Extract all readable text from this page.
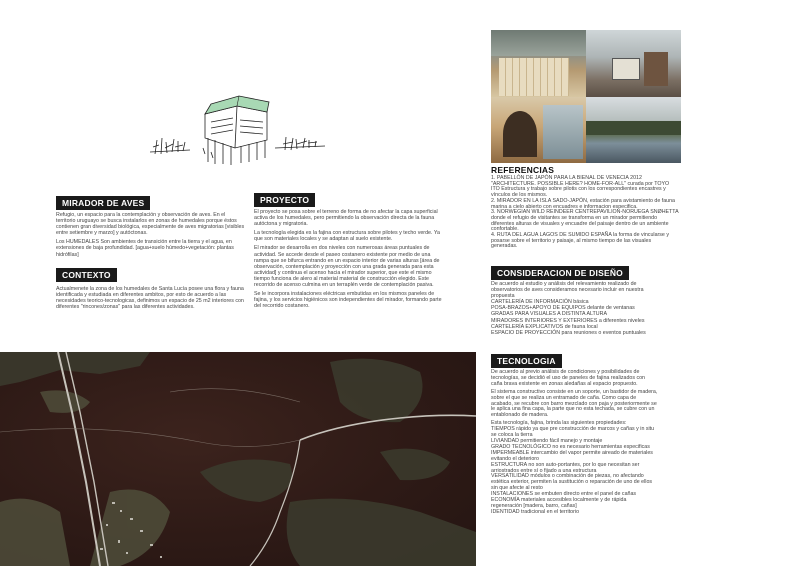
MIRADOR DE AVES

Refugio, un espacio para la contemplación y observación de aves. En el territorio uruguayo se busca instalarlos en zonas de humedales porque éstos contienen gran diversidad biológica, especialmente de aves migratorias [visibles entre setiembre y marzo] y autóctonas.

Los HUMEDALES Son ambientes de transición entre la tierra y el agua, en extensiones de baja profundidad. [agua+suelo húmedo+vegetación: plantas hidrófilas]

CONTEXTO

Actualmenete la zona de los humedales de Santa Lucía posee una flora y fauna identificada y estudiada en diferentes ambitos, por esto de acuerdo a las necesidades teorico-tecnologicas, definimos un espacio de 25 m2 interiores con diferentes "rincones/zonas" para las diferentes actividades.

PROYECTO

El proyecto se posa sobre el terreno de forma de no afectar la capa superficial activa de los humedales, pero permitiendo la observación directa de la fauna autóctona y migratoria.

La tecnología elegida es la fajina con estructura sobre pilotes y techo verde. Ya que son materiales locales y se adaptan al suelo existente.

El mirador se desarrolla en dos niveles con numerosas áreas puntuales de actividad. Se accede desde el paseo costanero existente por medio de una rampa que se bifurca entrando en un espacio interior de varias alturas [área de observación, contemplación y proyección con una grada generada para esta actividad] y continua el acenso hacia el mirador superior, que este el mismo tiempo funciona de alero al material material de construcción elegido. Este recorrido de acenso culmina en un terraplén verde de contemplación pasiva.

Se le incorpora instalaciones eléctricas embutidas en los mismos paneles de fajina, y los servicios higiénicos son independientes del mirador, formando parte del recorrido costanero.

REFERENCIAS
1. PABELLÓN DE JAPÓN PARA LA BIENAL DE VENECIA 2012
"ARCHITECTURE. POSSIBLE HERE? HOME-FOR-ALL" curada por TOYO
ITO Estructura y trabajo sobre pilotis con los correspondientes encastres y
vínculos de los mismos.
2. MIRADOR EN LA ISLA SADO-JAPÓN, estación para avistamiento de fauna
marina a cielo abierto con encuadres e informacion especifica.
3. NORWEGIAN WILD REINDEER CENTREPAVILION-NORUEGA SNØHETTA
donde el refugio de visitantes se transforma en un mirador permitiendo
diferentes alturas de visuales y encuadre del paisaje dentro de un ambiente
confortable.
4. RUTA DEL AGUA LAGOS DE SUMIDO ESPAÑA la forma de vincularse y
posarse sobre el territorio y paisaje, al mismo tiempo de las visuales
generadas.
CONSIDERACION DE DISEÑO
De acuerdo al estudio y análisis del relevamiento realizado de
observatorios de aves consideramos necesario incluir en nuestra
propuesta
CARTELERÍA DE INFORMACIÓN básica
POSA-BRAZOS+APOYO DE EQUIPOS delante de ventanas
GRADAS PARA VISUALES A DISTINTA ALTURA
MIRADORES INTERIORES Y EXTERIORES a diferentes niveles
CARTELERÍA EXPLICATIVOS de fauna local
ESPACIO DE PROYECCIÓN para reuniones o eventos puntuales
TECNOLOGIA
De acuerdo al previo análisis de condiciones y posibilidades de
tecnologías, se decidió el uso de paneles de fajina realizados con
caña brava existente en zonas aledañas al espacio propuesto.
El sistema constructivo consiste en un soporte, un bastidor de madera,
sobre el que se realiza un entramado de caña. Como capa de
acabado, se recubre con barro mezclado con paja y posteriormente se
le aplica una fina capa, la parte que no esta techada, se cubre con un
entablonado de madera.
Esta tecnología, fajina, brinda las siguientes propiedades:
TIEMPOS rápido ya que pre construcción de marcos y cañas y in situ
se coloca la tierra
LIVIANDAD permitiendo fácil manejo y montaje
GRADO TECNOLÓGICO no es necesario herramientas especificas
IMPERMEABLE intercambio del vapor permite aireado de materiales
evitando el deterioro
ESTRUCTURA no son auto-portantes, por lo que necesitan ser
arriostrados entre sí o fijado a una estructura
VERSATILIDAD módulos o combinación de piezas, no afectando
estética exterior, permiten la sustitución o reparación de uno de ellos
sin que afecte al resto
INSTALACIONES se embuten directo entre el panel de cañas
ECONOMÍA materiales accesibles localmente y de rápida
regeneración [madera, barro, cañas]
IDENTIDAD tradicional en el territorio
